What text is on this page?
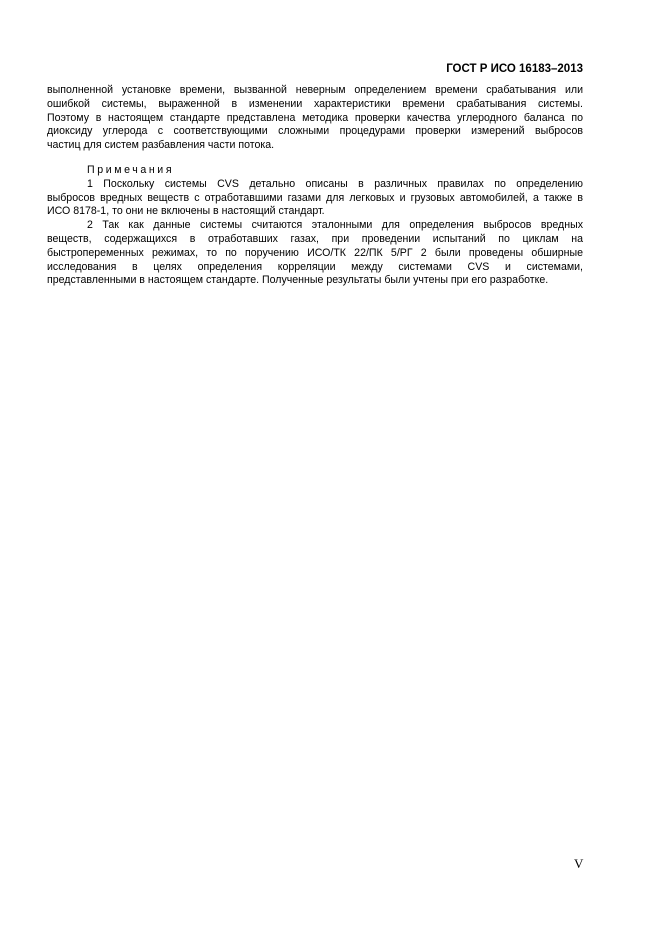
ГОСТ Р ИСО 16183–2013
выполненной установке времени, вызванной неверным определением времени срабатывания или
ошибкой системы, выраженной в изменении характеристики времени срабатывания системы.
Поэтому в настоящем стандарте представлена методика проверки качества углеродного баланса по
диоксиду углерода с соответствующими сложными процедурами проверки измерений выбросов
частиц для систем разбавления части потока.
Примечания
1 Поскольку системы CVS детально описаны в различных правилах по определению
выбросов вредных веществ с отработавшими газами для легковых и грузовых автомобилей, а также в
ИСО 8178-1, то они не включены в настоящий стандарт.
2 Так как данные системы считаются эталонными для определения выбросов вредных
веществ, содержащихся в отработавших газах, при проведении испытаний по циклам на
быстропеременных режимах, то по поручению ИСО/ТК 22/ПК 5/РГ 2 были проведены обширные
исследования в целях определения корреляции между системами CVS и системами,
представленными в настоящем стандарте. Полученные результаты были учтены при его разработке.
V
